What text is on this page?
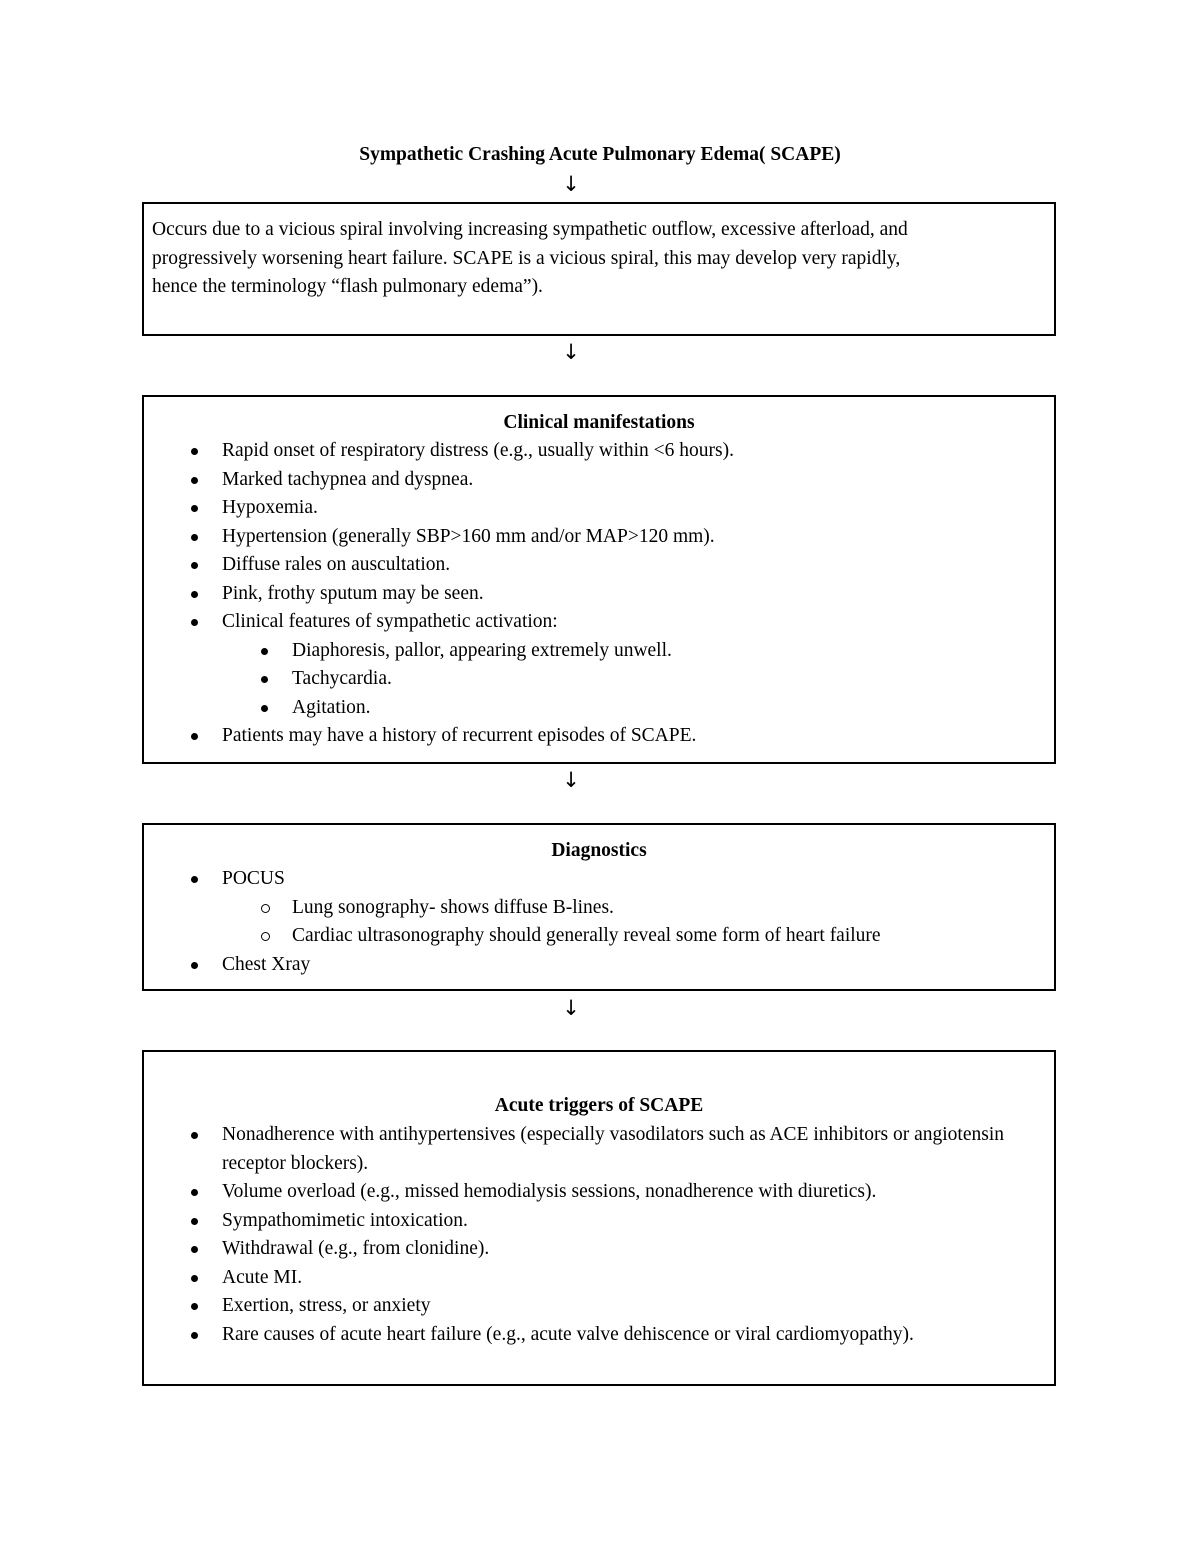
Sympathetic Crashing Acute Pulmonary Edema( SCAPE)
↓
Occurs due to a vicious spiral involving increasing sympathetic outflow, excessive afterload, and
progressively worsening heart failure. SCAPE is a vicious spiral, this may develop very rapidly,
hence the terminology “flash pulmonary edema”).
↓
Clinical manifestations
Rapid onset of respiratory distress (e.g., usually within <6 hours).
Marked tachypnea and dyspnea.
Hypoxemia.
Hypertension (generally SBP>160 mm and/or MAP>120 mm).
Diffuse rales on auscultation.
Pink, frothy sputum may be seen.
Clinical features of sympathetic activation:
Diaphoresis, pallor, appearing extremely unwell.
Tachycardia.
Agitation.
Patients may have a history of recurrent episodes of SCAPE.
↓
Diagnostics
POCUS
Lung sonography- shows diffuse B-lines.
Cardiac ultrasonography should generally reveal some form of heart failure
Chest Xray
↓
Acute triggers of SCAPE
Nonadherence with antihypertensives (especially vasodilators such as ACE inhibitors or angiotensin receptor blockers).
Volume overload (e.g., missed hemodialysis sessions, nonadherence with diuretics).
Sympathomimetic intoxication.
Withdrawal (e.g., from clonidine).
Acute MI.
Exertion, stress, or anxiety
Rare causes of acute heart failure (e.g., acute valve dehiscence or viral cardiomyopathy).
